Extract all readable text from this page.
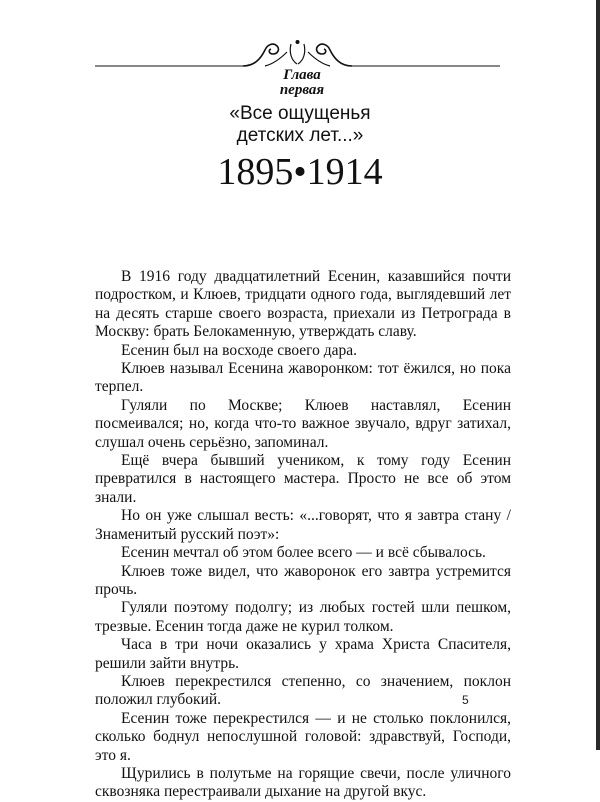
Глава
первая
«Все ощущенья
детских лет...»
1895•1914

В 1916 году двадцатилетний Есенин, казавшийся почти подростком, и Клюев, тридцати одного года, выглядевший лет на десять старше своего возраста, приехали из Петрограда в Москву: брать Белокаменную, утверждать славу.

Есенин был на восходе своего дара.

Клюев называл Есенина жаворонком: тот ёжился, но пока терпел.

Гуляли по Москве; Клюев наставлял, Есенин посмеивался; но, когда что-то важное звучало, вдруг затихал, слушал очень серьёзно, запоминал.

Ещё вчера бывший учеником, к тому году Есенин превратился в настоящего мастера. Просто не все об этом знали.

Но он уже слышал весть: «...говорят, что я завтра стану / Знаменитый русский поэт»:

Есенин мечтал об этом более всего — и всё сбывалось.

Клюев тоже видел, что жаворонок его завтра устремится прочь.

Гуляли поэтому подолгу; из любых гостей шли пешком, трезвые. Есенин тогда даже не курил толком.

Часа в три ночи оказались у храма Христа Спасителя, решили зайти внутрь.

Клюев перекрестился степенно, со значением, поклон положил глубокий.

Есенин тоже перекрестился — и не столько поклонился, сколько боднул непослушной головой: здравствуй, Господи, это я.

Щурились в полутьме на горящие свечи, после уличного сквозняка перестраивали дыхание на другой вкус.

5
